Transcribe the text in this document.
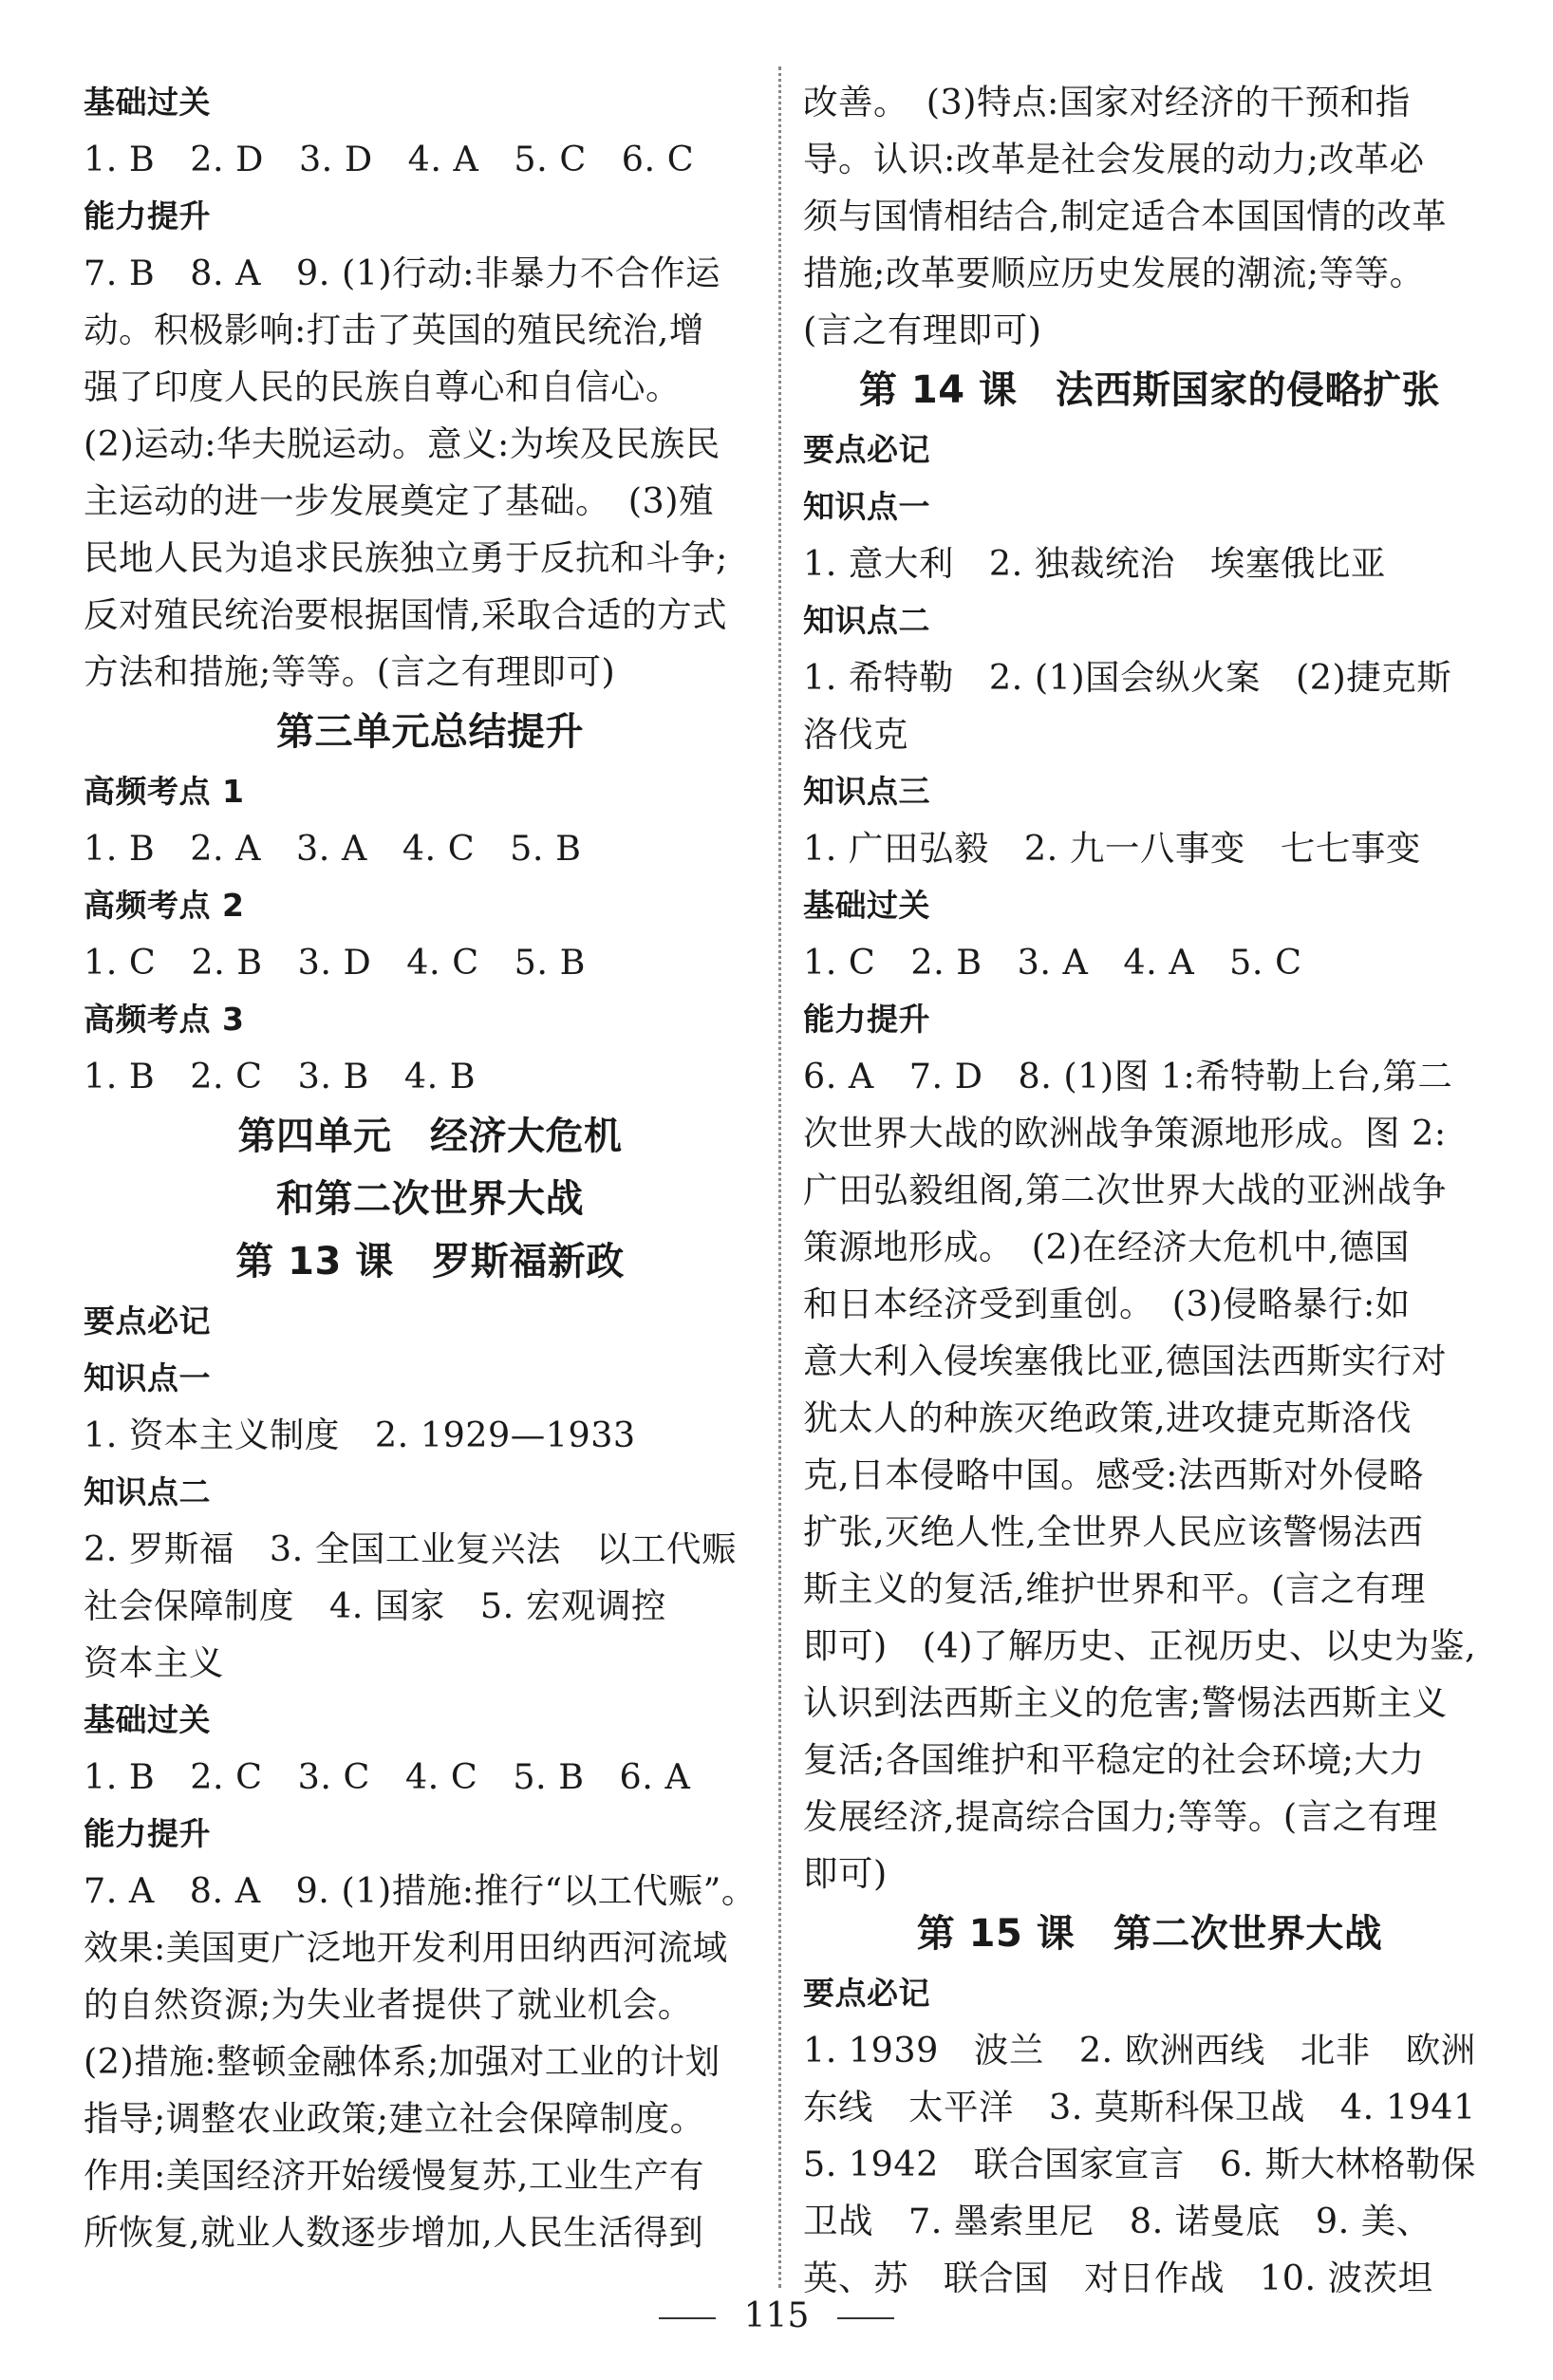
基础过关
1. B　2. D　3. D　4. A　5. C　6. C
能力提升
7. B　8. A　9. (1)行动:非暴力不合作运
动。积极影响:打击了英国的殖民统治,增
强了印度人民的民族自尊心和自信心。
(2)运动:华夫脱运动。意义:为埃及民族民
主运动的进一步发展奠定了基础。　(3)殖
民地人民为追求民族独立勇于反抗和斗争;
反对殖民统治要根据国情,采取合适的方式
方法和措施;等等。(言之有理即可)
第三单元总结提升
高频考点 1
1. B　2. A　3. A　4. C　5. B
高频考点 2
1. C　2. B　3. D　4. C　5. B
高频考点 3
1. B　2. C　3. B　4. B
第四单元　经济大危机
和第二次世界大战
第 13 课　罗斯福新政
要点必记
知识点一
1. 资本主义制度　2. 1929—1933
知识点二
2. 罗斯福　3. 全国工业复兴法　以工代赈
社会保障制度　4. 国家　5. 宏观调控
资本主义
基础过关
1. B　2. C　3. C　4. C　5. B　6. A
能力提升
7. A　8. A　9. (1)措施:推行“以工代赈”。
效果:美国更广泛地开发利用田纳西河流域
的自然资源;为失业者提供了就业机会。
(2)措施:整顿金融体系;加强对工业的计划
指导;调整农业政策;建立社会保障制度。
作用:美国经济开始缓慢复苏,工业生产有
所恢复,就业人数逐步增加,人民生活得到
改善。　(3)特点:国家对经济的干预和指
导。认识:改革是社会发展的动力;改革必
须与国情相结合,制定适合本国国情的改革
措施;改革要顺应历史发展的潮流;等等。
(言之有理即可)
第 14 课　法西斯国家的侵略扩张
要点必记
知识点一
1. 意大利　2. 独裁统治　埃塞俄比亚
知识点二
1. 希特勒　2. (1)国会纵火案　(2)捷克斯
洛伐克
知识点三
1. 广田弘毅　2. 九一八事变　七七事变
基础过关
1. C　2. B　3. A　4. A　5. C
能力提升
6. A　7. D　8. (1)图 1:希特勒上台,第二
次世界大战的欧洲战争策源地形成。图 2:
广田弘毅组阁,第二次世界大战的亚洲战争
策源地形成。　(2)在经济大危机中,德国
和日本经济受到重创。　(3)侵略暴行:如
意大利入侵埃塞俄比亚,德国法西斯实行对
犹太人的种族灭绝政策,进攻捷克斯洛伐
克,日本侵略中国。感受:法西斯对外侵略
扩张,灭绝人性,全世界人民应该警惕法西
斯主义的复活,维护世界和平。(言之有理
即可)　(4)了解历史、正视历史、以史为鉴,
认识到法西斯主义的危害;警惕法西斯主义
复活;各国维护和平稳定的社会环境;大力
发展经济,提高综合国力;等等。(言之有理
即可)
第 15 课　第二次世界大战
要点必记
1. 1939　波兰　2. 欧洲西线　北非　欧洲
东线　太平洋　3. 莫斯科保卫战　4. 1941
5. 1942　联合国家宣言　6. 斯大林格勒保
卫战　7. 墨索里尼　8. 诺曼底　9. 美、
英、苏　联合国　对日作战　10. 波茨坦
115
